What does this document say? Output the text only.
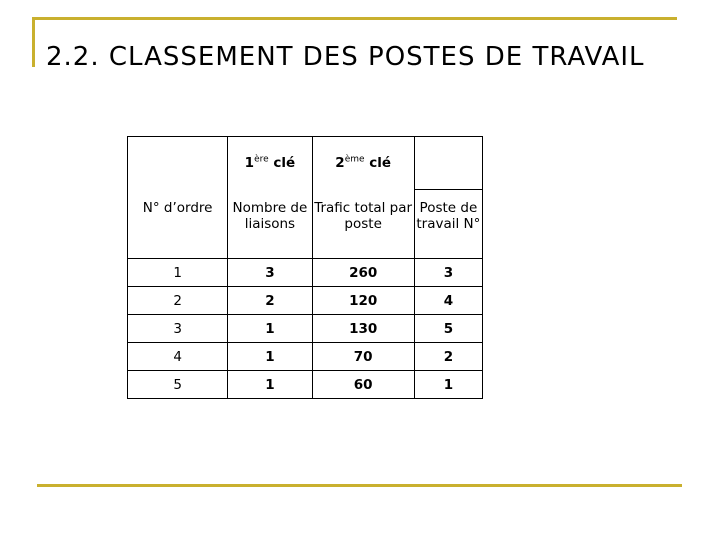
2.2. CLASSEMENT DES POSTES DE TRAVAIL
	1ère clé	2ème clé	
N° d’ordre	Nombre de liaisons	Trafic total par poste	Poste de travail N°
1	3	260	3
2	2	120	4
3	1	130	5
4	1	70	2
5	1	60	1
